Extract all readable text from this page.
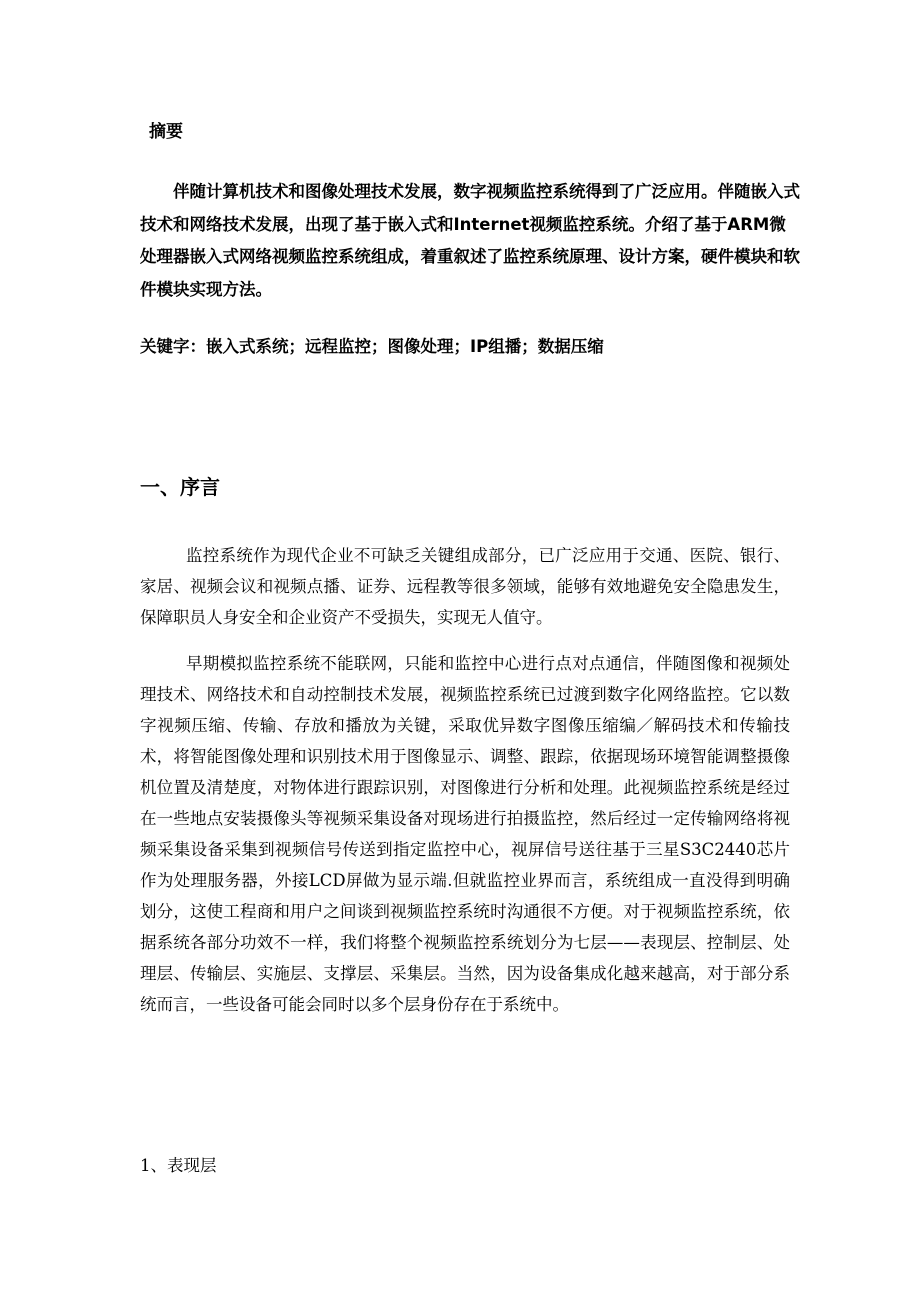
摘要

伴随计算机技术和图像处理技术发展，数字视频监控系统得到了广泛应用。伴随嵌入式技术和网络技术发展，出现了基于嵌入式和Internet视频监控系统。介绍了基于ARM微处理器嵌入式网络视频监控系统组成，着重叙述了监控系统原理、设计方案，硬件模块和软件模块实现方法。

关键字：嵌入式系统；远程监控；图像处理；IP组播；数据压缩

一、序言

监控系统作为现代企业不可缺乏关键组成部分，已广泛应用于交通、医院、银行、家居、视频会议和视频点播、证券、远程教等很多领域，能够有效地避免安全隐患发生，保障职员人身安全和企业资产不受损失，实现无人值守。

早期模拟监控系统不能联网，只能和监控中心进行点对点通信，伴随图像和视频处理技术、网络技术和自动控制技术发展，视频监控系统已过渡到数字化网络监控。它以数字视频压缩、传输、存放和播放为关键，采取优异数字图像压缩编／解码技术和传输技术，将智能图像处理和识别技术用于图像显示、调整、跟踪，依据现场环境智能调整摄像机位置及清楚度，对物体进行跟踪识别，对图像进行分析和处理。此视频监控系统是经过在一些地点安装摄像头等视频采集设备对现场进行拍摄监控，然后经过一定传输网络将视频采集设备采集到视频信号传送到指定监控中心，视屏信号送往基于三星S3C2440芯片作为处理服务器，外接LCD屏做为显示端.但就监控业界而言，系统组成一直没得到明确划分，这使工程商和用户之间谈到视频监控系统时沟通很不方便。对于视频监控系统，依据系统各部分功效不一样，我们将整个视频监控系统划分为七层——表现层、控制层、处理层、传输层、实施层、支撑层、采集层。当然，因为设备集成化越来越高，对于部分系统而言，一些设备可能会同时以多个层身份存在于系统中。

1、表现层
